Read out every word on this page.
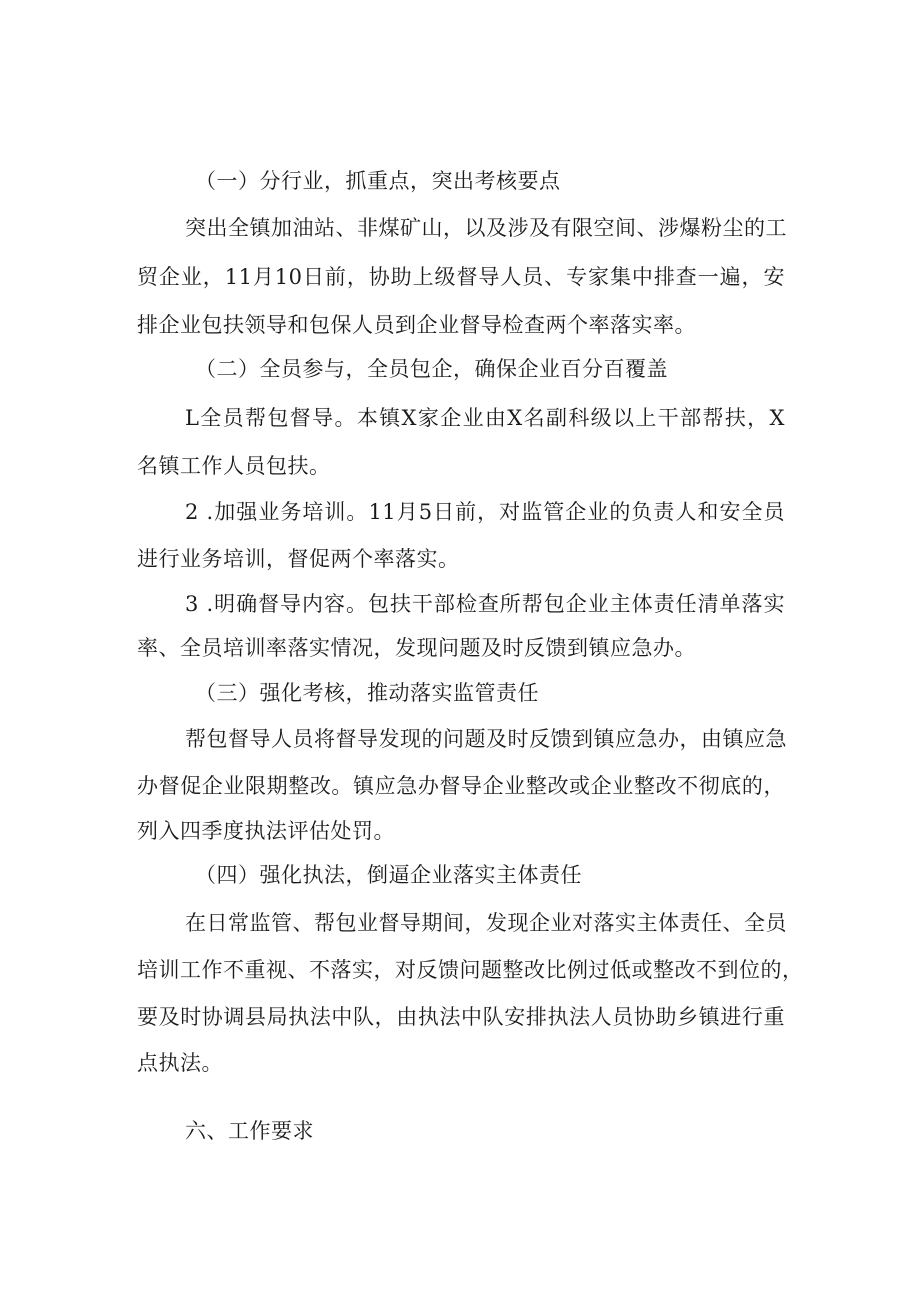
（一）分行业，抓重点，突出考核要点

突出全镇加油站、非煤矿山，以及涉及有限空间、涉爆粉尘的工

贸企业，11月10日前，协助上级督导人员、专家集中排查一遍，安

排企业包扶领导和包保人员到企业督导检查两个率落实率。

（二）全员参与，全员包企，确保企业百分百覆盖

L全员帮包督导。本镇X家企业由X名副科级以上干部帮扶，X

名镇工作人员包扶。

2 .加强业务培训。11月5日前，对监管企业的负责人和安全员

进行业务培训，督促两个率落实。

3 .明确督导内容。包扶干部检查所帮包企业主体责任清单落实

率、全员培训率落实情况，发现问题及时反馈到镇应急办。

（三）强化考核，推动落实监管责任

帮包督导人员将督导发现的问题及时反馈到镇应急办，由镇应急

办督促企业限期整改。镇应急办督导企业整改或企业整改不彻底的，

列入四季度执法评估处罚。

（四）强化执法，倒逼企业落实主体责任

在日常监管、帮包业督导期间，发现企业对落实主体责任、全员

培训工作不重视、不落实，对反馈问题整改比例过低或整改不到位的，

要及时协调县局执法中队，由执法中队安排执法人员协助乡镇进行重

点执法。

六、工作要求
